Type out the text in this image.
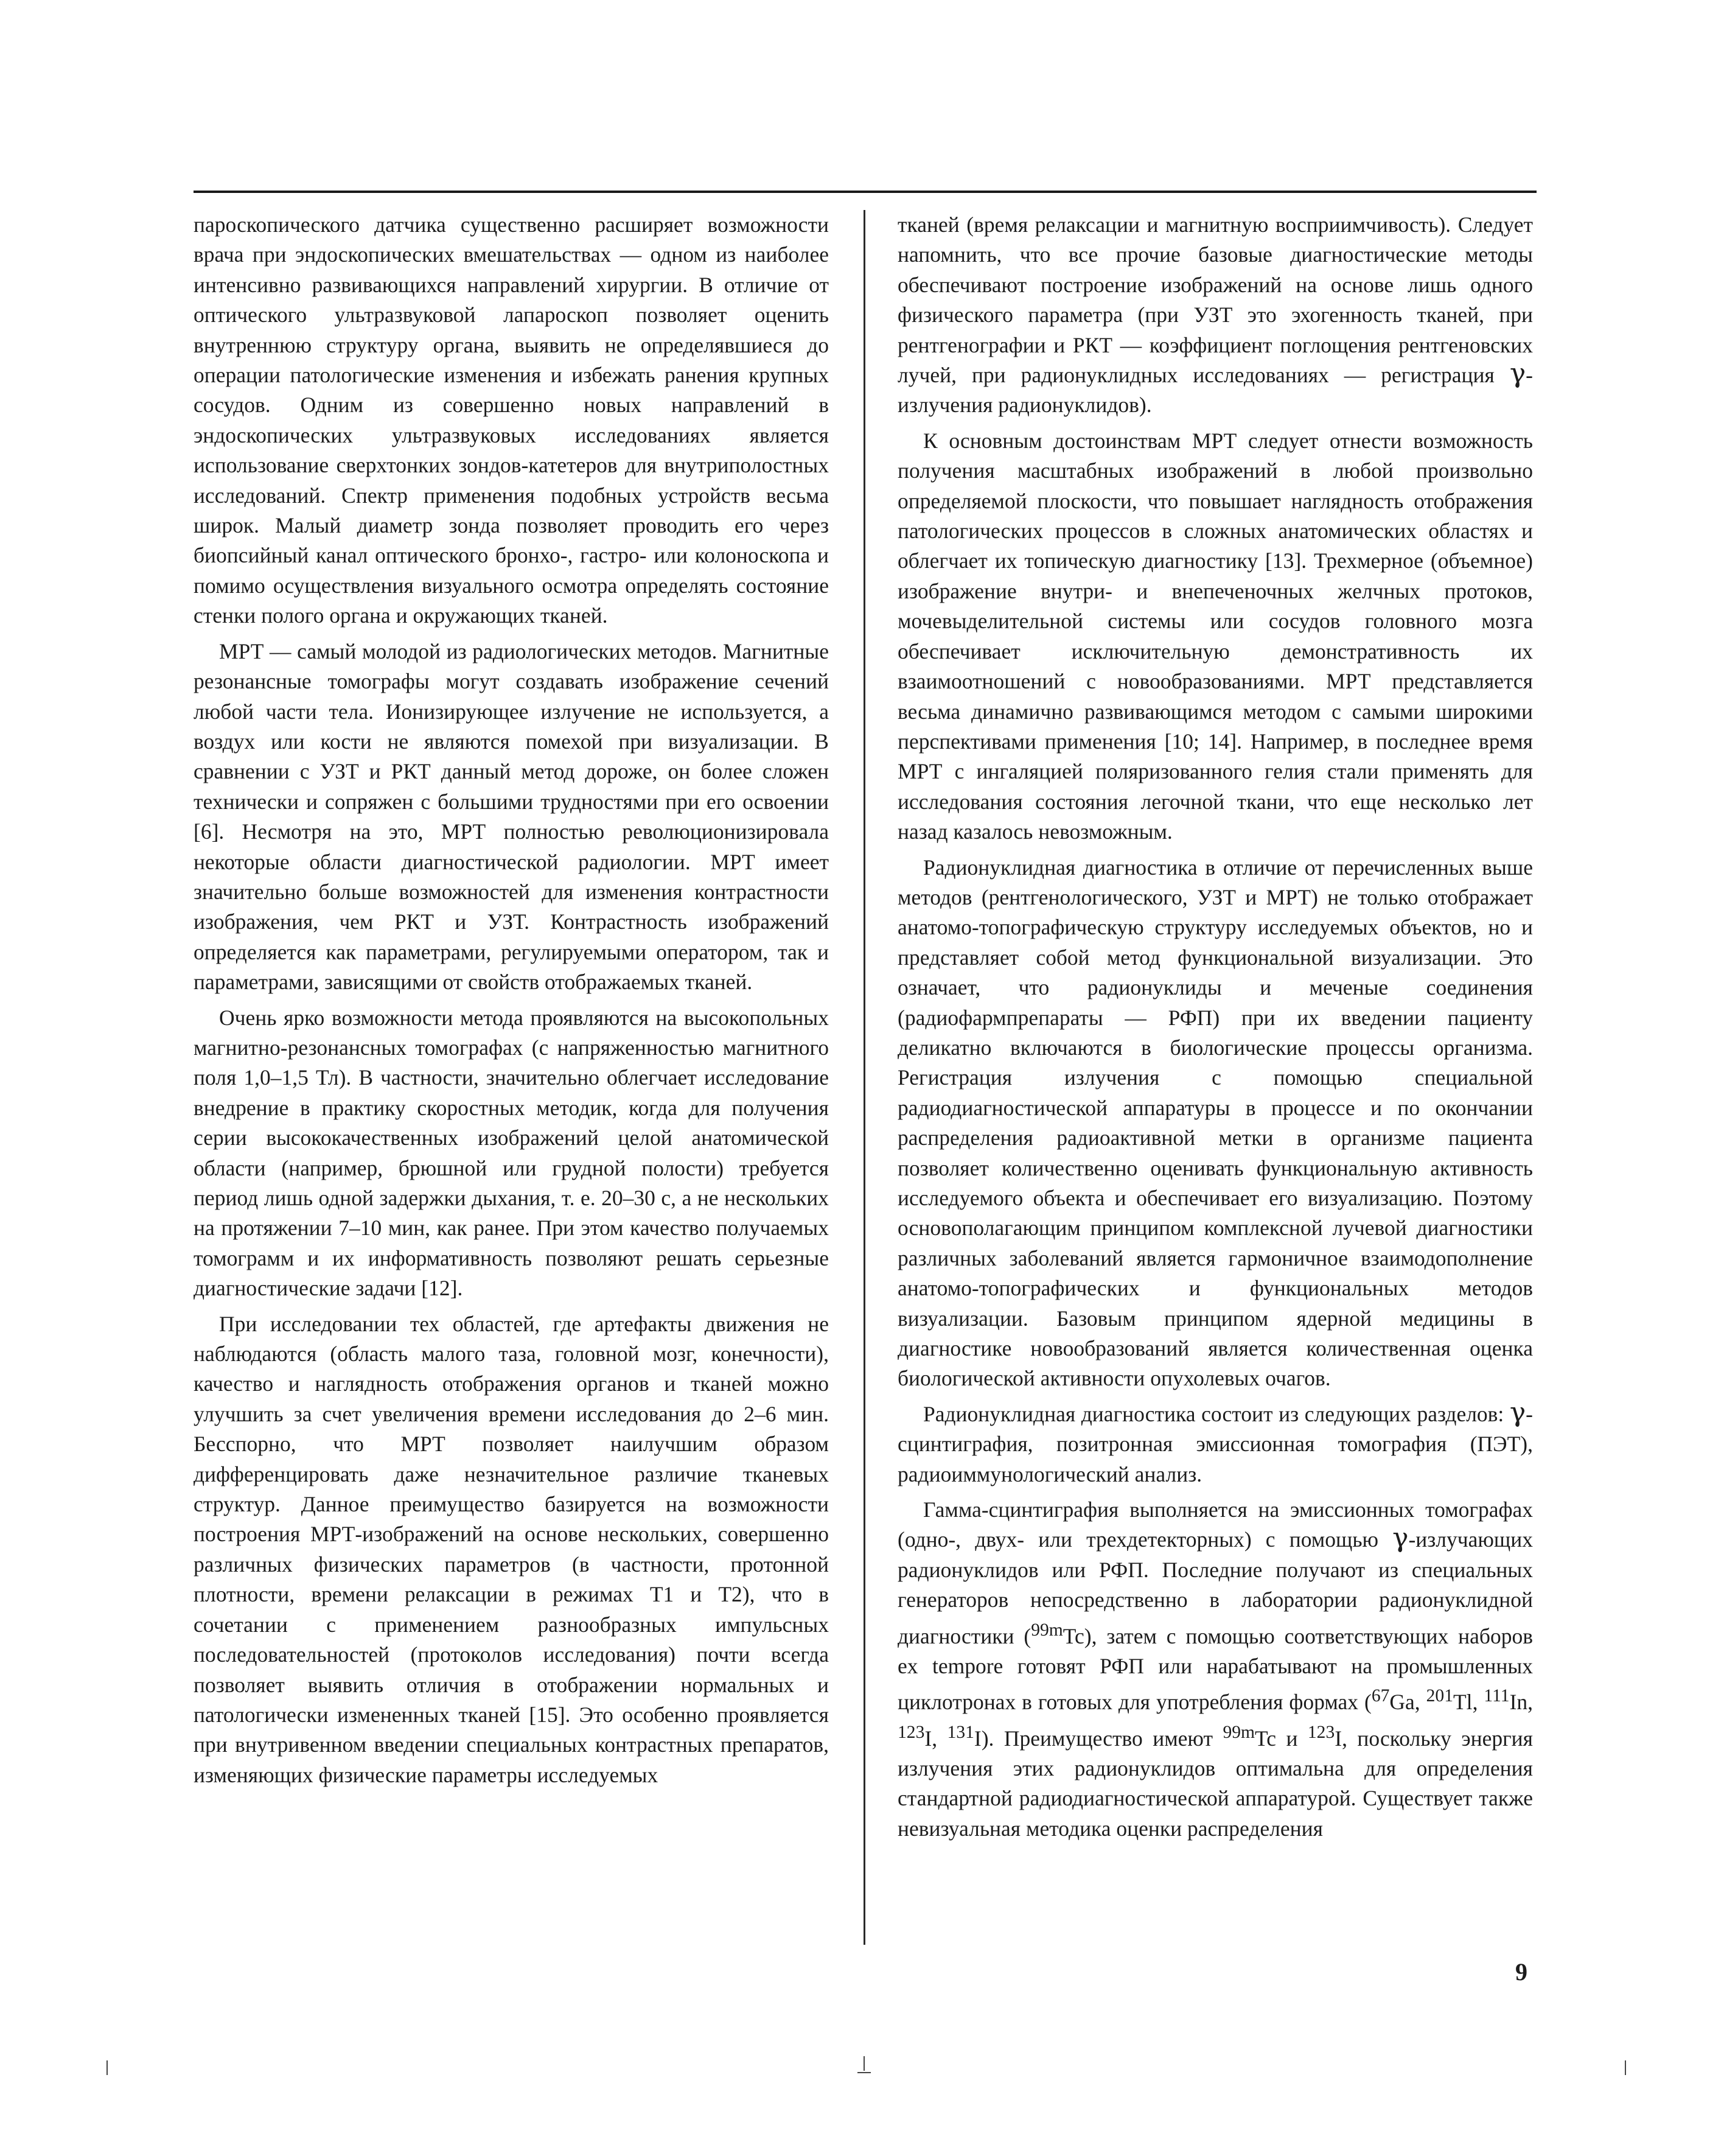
пароскопического датчика существенно расширяет возможности врача при эндоскопических вмешательствах — одном из наиболее интенсивно развивающихся направлений хирургии. В отличие от оптического ультразвуковой лапароскоп позволяет оценить внутреннюю структуру органа, выявить не определявшиеся до операции патологические изменения и избежать ранения крупных сосудов. Одним из совершенно новых направлений в эндоскопических ультразвуковых исследованиях является использование сверхтонких зондов-катетеров для внутриполостных исследований. Спектр применения подобных устройств весьма широк. Малый диаметр зонда позволяет проводить его через биопсийный канал оптического бронхо-, гастро- или колоноскопа и помимо осуществления визуального осмотра определять состояние стенки полого органа и окружающих тканей.

МРТ — самый молодой из радиологических методов. Магнитные резонансные томографы могут создавать изображение сечений любой части тела. Ионизирующее излучение не используется, а воздух или кости не являются помехой при визуализации. В сравнении с УЗТ и РКТ данный метод дороже, он более сложен технически и сопряжен с большими трудностями при его освоении [6]. Несмотря на это, МРТ полностью революционизировала некоторые области диагностической радиологии. МРТ имеет значительно больше возможностей для изменения контрастности изображения, чем РКТ и УЗТ. Контрастность изображений определяется как параметрами, регулируемыми оператором, так и параметрами, зависящими от свойств отображаемых тканей.

Очень ярко возможности метода проявляются на высокопольных магнитно-резонансных томографах (с напряженностью магнитного поля 1,0–1,5 Тл). В частности, значительно облегчает исследование внедрение в практику скоростных методик, когда для получения серии высококачественных изображений целой анатомической области (например, брюшной или грудной полости) требуется период лишь одной задержки дыхания, т. е. 20–30 с, а не нескольких на протяжении 7–10 мин, как ранее. При этом качество получаемых томограмм и их информативность позволяют решать серьезные диагностические задачи [12].

При исследовании тех областей, где артефакты движения не наблюдаются (область малого таза, головной мозг, конечности), качество и наглядность отображения органов и тканей можно улучшить за счет увеличения времени исследования до 2–6 мин. Бесспорно, что МРТ позволяет наилучшим образом дифференцировать даже незначительное различие тканевых структур. Данное преимущество базируется на возможности построения МРТ-изображений на основе нескольких, совершенно различных физических параметров (в частности, протонной плотности, времени релаксации в режимах Т1 и Т2), что в сочетании с применением разнообразных импульсных последовательностей (протоколов исследования) почти всегда позволяет выявить отличия в отображении нормальных и патологически измененных тканей [15]. Это особенно проявляется при внутривенном введении специальных контрастных препаратов, изменяющих физические параметры исследуемых

тканей (время релаксации и магнитную восприимчивость). Следует напомнить, что все прочие базовые диагностические методы обеспечивают построение изображений на основе лишь одного физического параметра (при УЗТ это эхогенность тканей, при рентгенографии и РКТ — коэффициент поглощения рентгеновских лучей, при радионуклидных исследованиях — регистрация γ-излучения радионуклидов).

К основным достоинствам МРТ следует отнести возможность получения масштабных изображений в любой произвольно определяемой плоскости, что повышает наглядность отображения патологических процессов в сложных анатомических областях и облегчает их топическую диагностику [13]. Трехмерное (объемное) изображение внутри- и внепеченочных желчных протоков, мочевыделительной системы или сосудов головного мозга обеспечивает исключительную демонстративность их взаимоотношений с новообразованиями. МРТ представляется весьма динамично развивающимся методом с самыми широкими перспективами применения [10; 14]. Например, в последнее время МРТ с ингаляцией поляризованного гелия стали применять для исследования состояния легочной ткани, что еще несколько лет назад казалось невозможным.

Радионуклидная диагностика в отличие от перечисленных выше методов (рентгенологического, УЗТ и МРТ) не только отображает анатомо-топографическую структуру исследуемых объектов, но и представляет собой метод функциональной визуализации. Это означает, что радионуклиды и меченые соединения (радиофармпрепараты — РФП) при их введении пациенту деликатно включаются в биологические процессы организма. Регистрация излучения с помощью специальной радиодиагностической аппаратуры в процессе и по окончании распределения радиоактивной метки в организме пациента позволяет количественно оценивать функциональную активность исследуемого объекта и обеспечивает его визуализацию. Поэтому основополагающим принципом комплексной лучевой диагностики различных заболеваний является гармоничное взаимодополнение анатомо-топографических и функциональных методов визуализации. Базовым принципом ядерной медицины в диагностике новообразований является количественная оценка биологической активности опухолевых очагов.

Радионуклидная диагностика состоит из следующих разделов: γ-сцинтиграфия, позитронная эмиссионная томография (ПЭТ), радиоиммунологический анализ.

Гамма-сцинтиграфия выполняется на эмиссионных томографах (одно-, двух- или трехдетекторных) с помощью γ-излучающих радионуклидов или РФП. Последние получают из специальных генераторов непосредственно в лаборатории радионуклидной диагностики ($^{99m}$Tc), затем с помощью соответствующих наборов ex tempore готовят РФП или нарабатывают на промышленных циклотронах в готовых для употребления формах ($^{67}$Ga, $^{201}$Tl, $^{111}$In, $^{123}$I, $^{131}$I). Преимущество имеют $^{99m}$Tc и $^{123}$I, поскольку энергия излучения этих радионуклидов оптимальна для определения стандартной радиодиагностической аппаратурой. Существует также невизуальная методика оценки распределения

9
